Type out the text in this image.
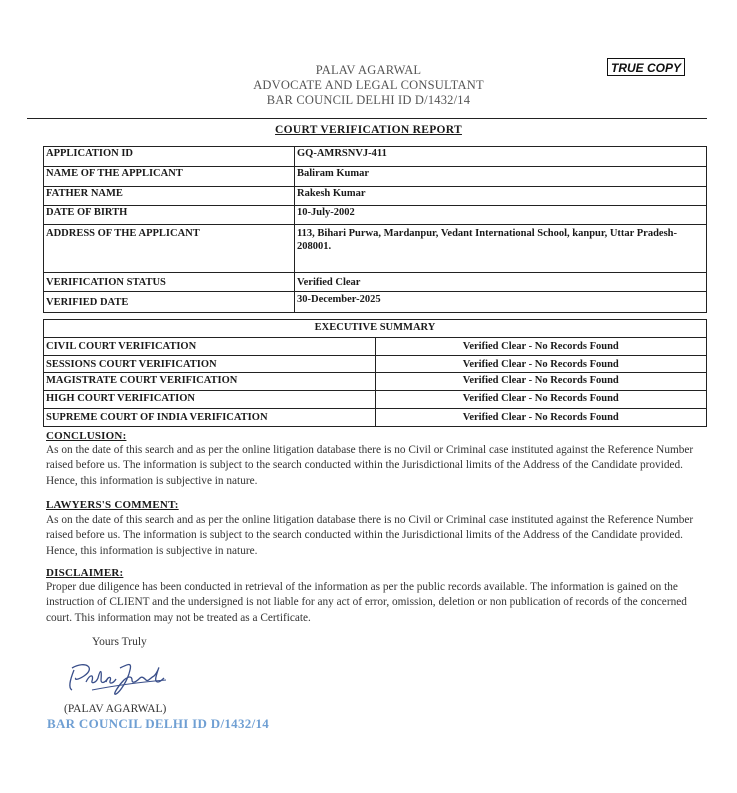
TRUE COPY
PALAV AGARWAL
ADVOCATE AND LEGAL CONSULTANT
BAR COUNCIL DELHI ID D/1432/14
COURT VERIFICATION REPORT
APPLICATION ID	GQ-AMRSNVJ-411
NAME OF THE APPLICANT	Baliram Kumar
FATHER NAME	Rakesh Kumar
DATE OF BIRTH	10-July-2002
ADDRESS OF THE APPLICANT	113, Bihari Purwa, Mardanpur, Vedant International School, kanpur, Uttar Pradesh-208001.
VERIFICATION STATUS	Verified Clear
VERIFIED DATE	30-December-2025
EXECUTIVE SUMMARY	
CIVIL COURT VERIFICATION	Verified Clear - No Records Found
SESSIONS COURT VERIFICATION	Verified Clear - No Records Found
MAGISTRATE COURT VERIFICATION	Verified Clear - No Records Found
HIGH COURT VERIFICATION	Verified Clear - No Records Found
SUPREME COURT OF INDIA VERIFICATION	Verified Clear - No Records Found
CONCLUSION:
As on the date of this search and as per the online litigation database there is no Civil or Criminal case instituted against the Reference Number raised before us. The information is subject to the search conducted within the Jurisdictional limits of the Address of the Candidate provided. Hence, this information is subjective in nature.
LAWYERS'S COMMENT:
As on the date of this search and as per the online litigation database there is no Civil or Criminal case instituted against the Reference Number raised before us. The information is subject to the search conducted within the Jurisdictional limits of the Address of the Candidate provided. Hence, this information is subjective in nature.
DISCLAIMER:
Proper due diligence has been conducted in retrieval of the information as per the public records available. The information is gained on the instruction of CLIENT and the undersigned is not liable for any act of error, omission, deletion or non publication of records of the concerned court. This information may not be treated as a Certificate.
Yours Truly
(PALAV AGARWAL)
BAR COUNCIL DELHI ID D/1432/14
